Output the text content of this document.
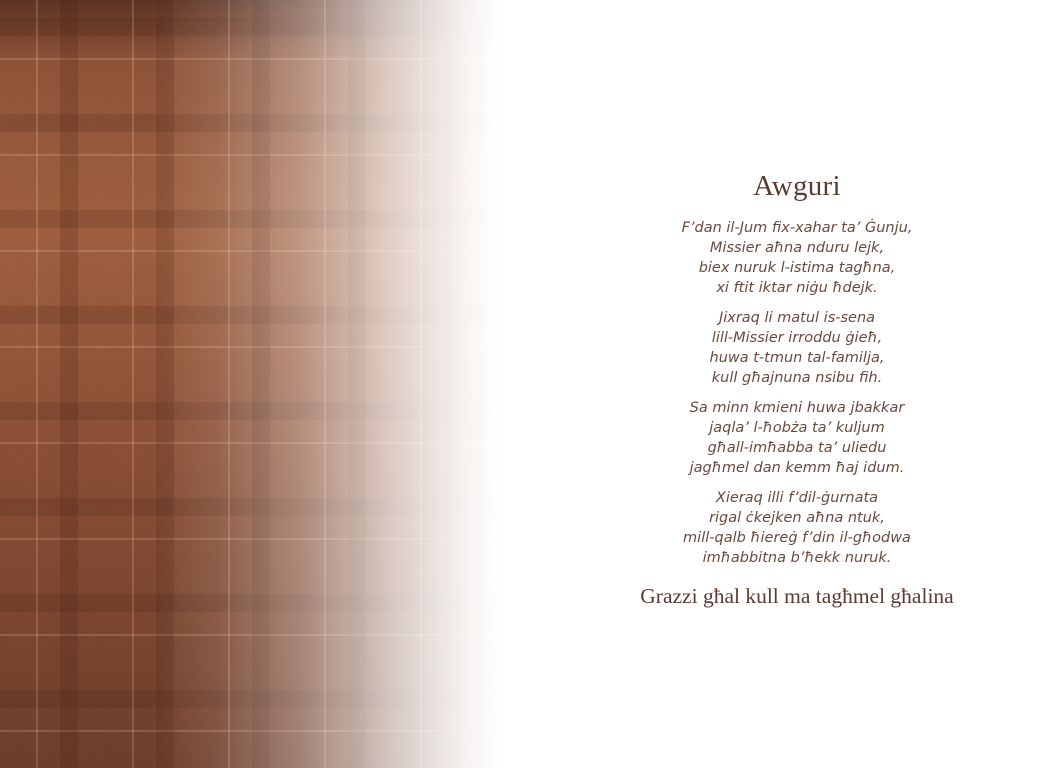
Awguri
F’dan il-Jum fix-xahar ta’ Ġunju,
Missier aħna nduru lejk,
biex nuruk l-istima tagħna,
xi ftit iktar niġu ħdejk.
Jixraq li matul is-sena
lill-Missier irroddu ġieħ,
huwa t-tmun tal-familja,
kull għajnuna nsibu fih.
Sa minn kmieni huwa jbakkar
jaqla’ l-ħobża ta’ kuljum
għall-imħabba ta’ uliedu
jagħmel dan kemm ħaj idum.
Xieraq illi f’dil-ġurnata
rigal ċkejken aħna ntuk,
mill-qalb ħiereġ f’din il-għodwa
imħabbitna b’ħekk nuruk.
Grazzi għal kull ma tagħmel għalina
